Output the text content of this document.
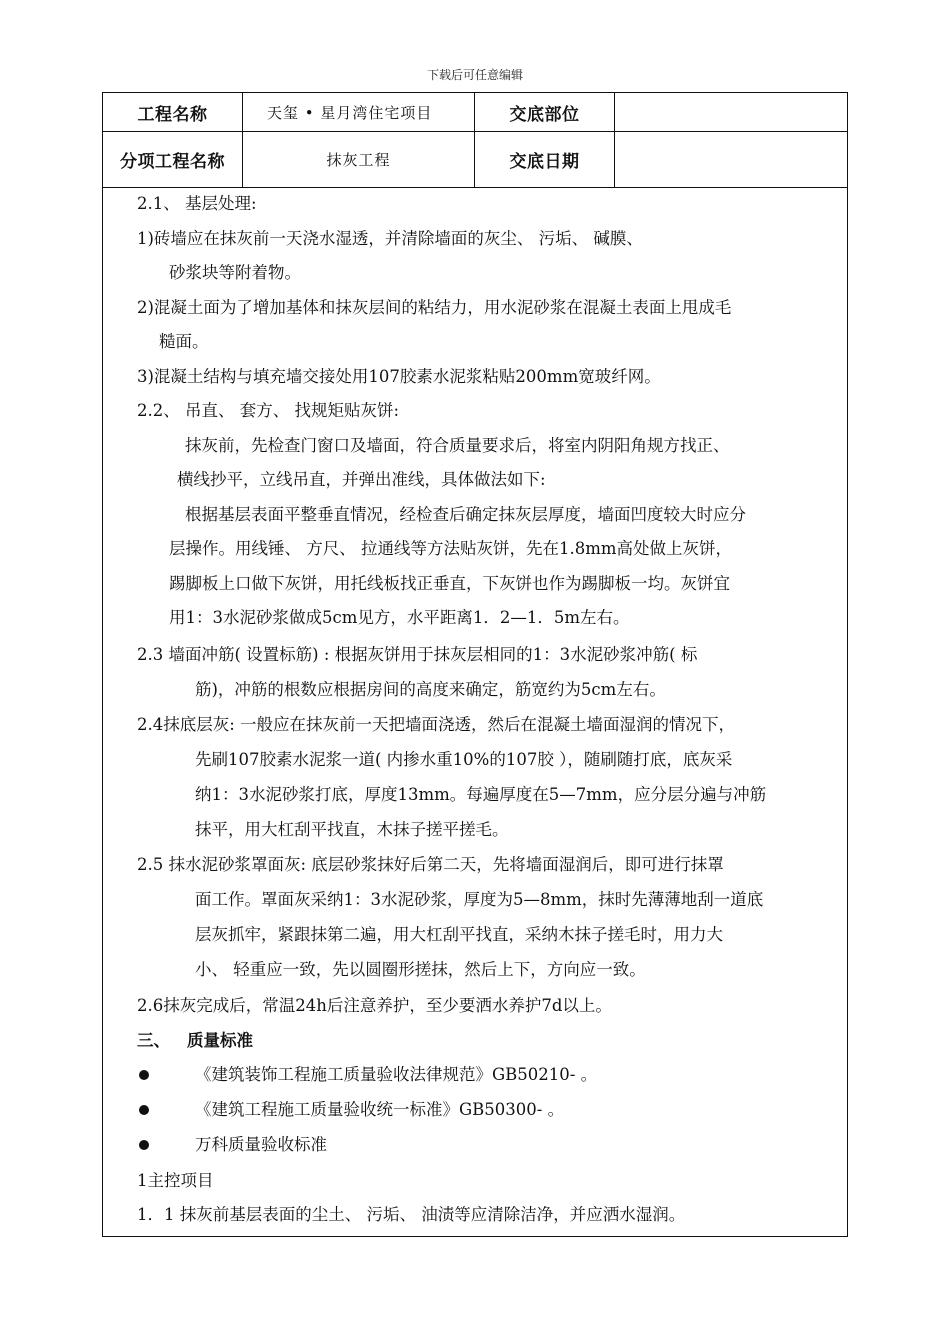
下载后可任意编辑
工程名称	天玺 • 星月湾住宅项目	交底部位
分项工程名称	抹灰工程	交底日期
2.1、 基层处理:
1)砖墙应在抹灰前一天浇水湿透，并清除墙面的灰尘、 污垢、 碱膜、
砂浆块等附着物。
2)混凝土面为了增加基体和抹灰层间的粘结力，用水泥砂浆在混凝土表面上甩成毛
糙面。
3)混凝土结构与填充墙交接处用107胶素水泥浆粘贴200mm宽玻纤网。
2.2、 吊直、 套方、 找规矩贴灰饼:
抹灰前，先检查门窗口及墙面，符合质量要求后，将室内阴阳角规方找正、
横线抄平，立线吊直，并弹出准线，具体做法如下:
根据基层表面平整垂直情况，经检查后确定抹灰层厚度，墙面凹度较大时应分
层操作。用线锤、 方尺、 拉通线等方法贴灰饼，先在1.8mm高处做上灰饼，
踢脚板上口做下灰饼，用托线板找正垂直，下灰饼也作为踢脚板一均。灰饼宜
用1：3水泥砂浆做成5cm见方，水平距离1．2—1．5m左右。
2.3 墙面冲筋( 设置标筋) : 根据灰饼用于抹灰层相同的1：3水泥砂浆冲筋( 标
筋)，冲筋的根数应根据房间的高度来确定，筋宽约为5cm左右。
2.4抹底层灰: 一般应在抹灰前一天把墙面浇透，然后在混凝土墙面湿润的情况下，
先刷107胶素水泥浆一道( 内掺水重10%的107胶 ），随刷随打底，底灰采
纳1：3水泥砂浆打底，厚度13mm。每遍厚度在5—7mm，应分层分遍与冲筋
抹平，用大杠刮平找直，木抹子搓平搓毛。
2.5 抹水泥砂浆罩面灰: 底层砂浆抹好后第二天，先将墙面湿润后，即可进行抹罩
面工作。罩面灰采纳1：3水泥砂浆，厚度为5—8mm，抹时先薄薄地刮一道底
层灰抓牢，紧跟抹第二遍，用大杠刮平找直，采纳木抹子搓毛时，用力大
小、 轻重应一致，先以圆圈形搓抹，然后上下，方向应一致。
2.6抹灰完成后，常温24h后注意养护，至少要洒水养护7d以上。
三、 质量标准
《建筑装饰工程施工质量验收法律规范》GB50210- 。
《建筑工程施工质量验收统一标准》GB50300- 。
万科质量验收标准
1主控项目
1．1 抹灰前基层表面的尘土、 污垢、 油渍等应清除洁净，并应洒水湿润。
